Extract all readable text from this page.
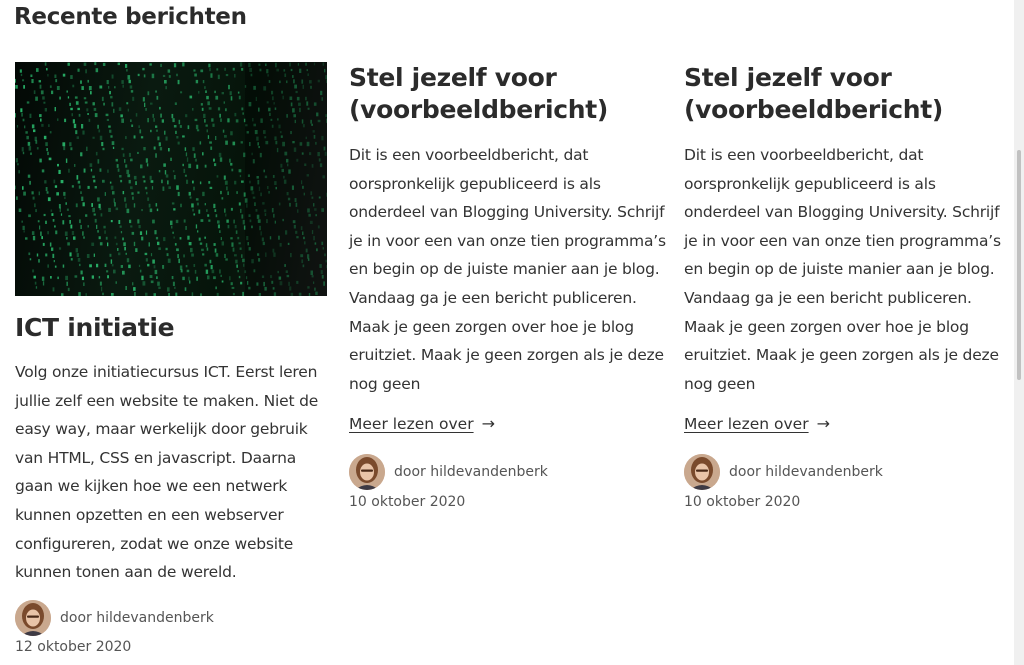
Recente berichten
ICT initiatie

Volg onze initiatiecursus ICT. Eerst leren jullie zelf een website te maken. Niet de easy way, maar werkelijk door gebruik van HTML, CSS en javascript. Daarna gaan we kijken hoe we een netwerk kunnen opzetten en een webserver configureren, zodat we onze website kunnen tonen aan de wereld.

door hildevandenberk
12 oktober 2020
Stel jezelf voor (voorbeeldbericht)

Dit is een voorbeeldbericht, dat oorspronkelijk gepubliceerd is als onderdeel van Blogging University. Schrijf je in voor een van onze tien programma’s en begin op de juiste manier aan je blog. Vandaag ga je een bericht publiceren. Maak je geen zorgen over hoe je blog eruitziet. Maak je geen zorgen als je deze nog geen

Meer lezen over →
door hildevandenberk
10 oktober 2020
Stel jezelf voor (voorbeeldbericht)

Dit is een voorbeeldbericht, dat oorspronkelijk gepubliceerd is als onderdeel van Blogging University. Schrijf je in voor een van onze tien programma’s en begin op de juiste manier aan je blog. Vandaag ga je een bericht publiceren. Maak je geen zorgen over hoe je blog eruitziet. Maak je geen zorgen als je deze nog geen

Meer lezen over →
door hildevandenberk
10 oktober 2020
